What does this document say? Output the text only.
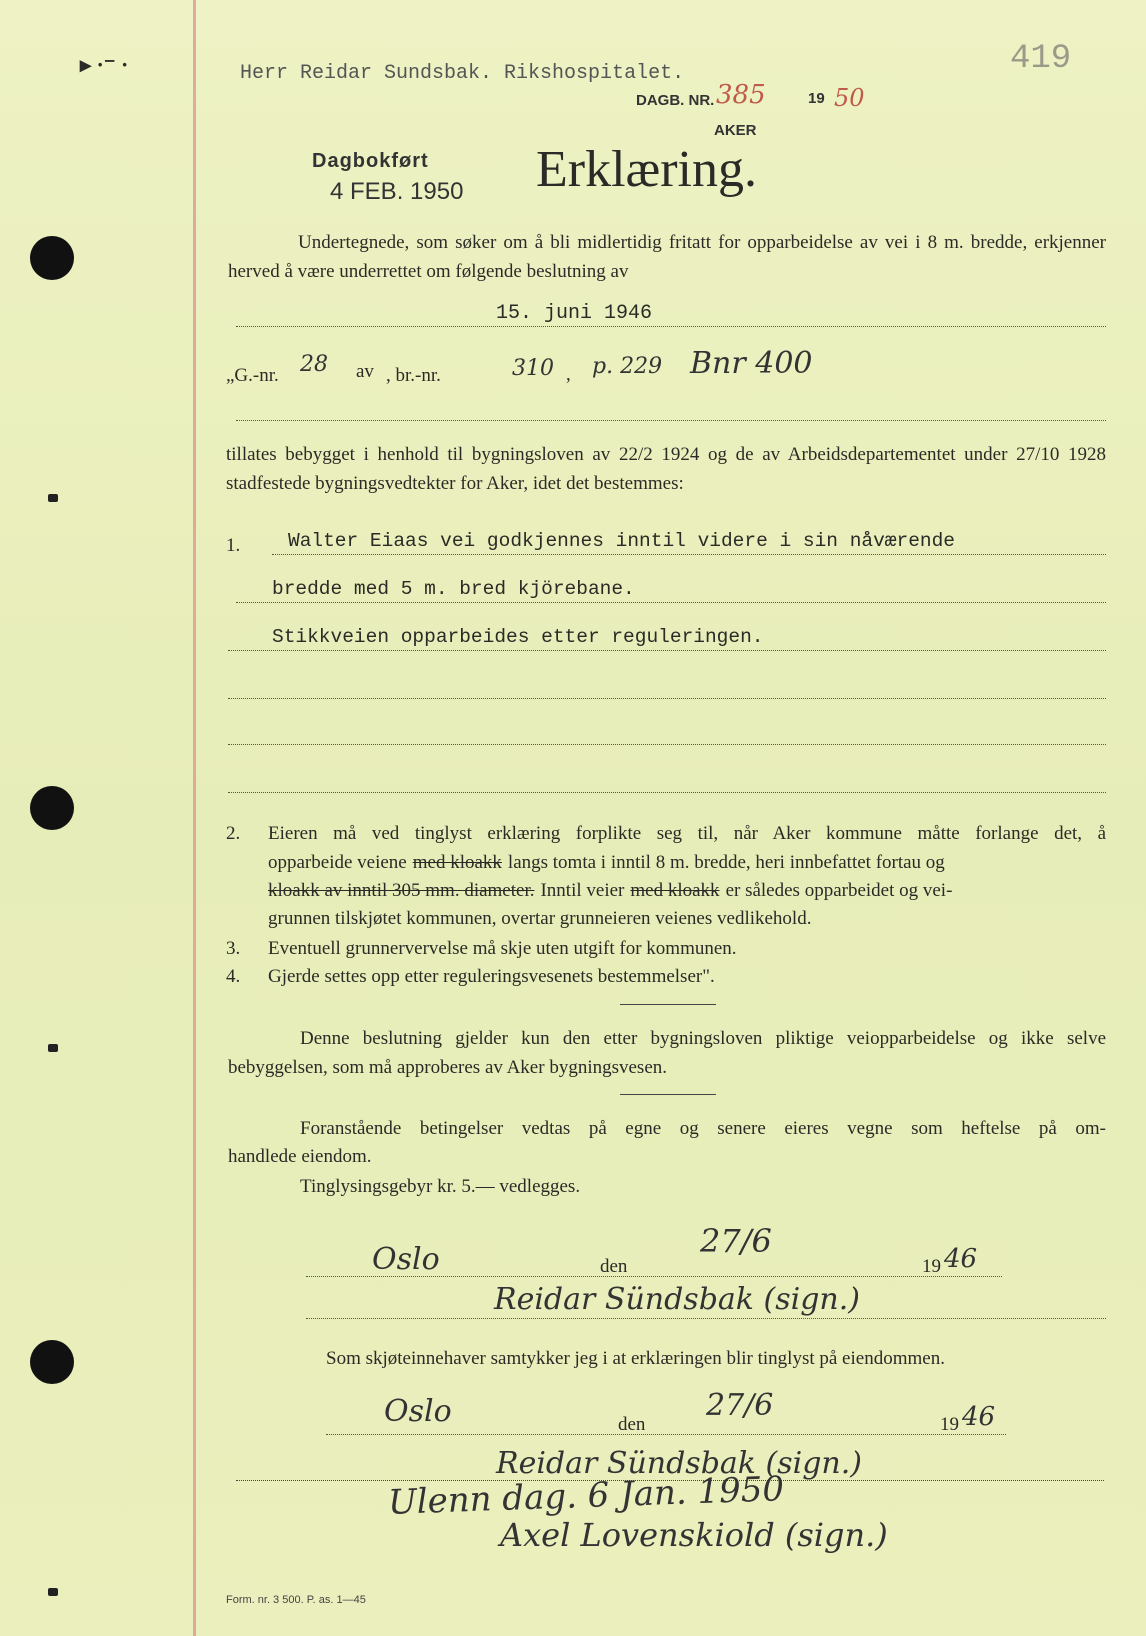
▸ ·⁻ ·	Herr Reidar Sundsbak. Rikshospitalet.
DAGB. NR. 385	19 50
AKER
419
Dagbokført
4 FEB. 1950 Erklæring.
Undertegnede, som søker om å bli midlertidig fritatt for opparbeidelse av vei i 8 m. bredde, erkjenner herved å være underrettet om følgende beslutning av
15. juni 1946
„G.-nr. 28 av , br.-nr.	310 , p. 229 Bnr 400
tillates bebygget i henhold til bygningsloven av 22/2 1924 og de av Arbeidsdepartementet under 27/10 1928 stadfestede bygningsvedtekter for Aker, idet det bestemmes:
1. Walter Eiaas vei godkjennes inntil videre i sin nåværende
bredde med 5 m. bred kjörebane.
Stikkveien opparbeides etter reguleringen.
2. Eieren må ved tinglyst erklæring forplikte seg til, når Aker kommune måtte forlange det, å
opparbeide veiene med kloakk langs tomta i inntil 8 m. bredde, heri innbefattet fortau og
kloakk av inntil 305 mm. diameter. Inntil veier med kloakk er således opparbeidet og vei-
grunnen tilskjøtet kommunen, overtar grunneieren veienes vedlikehold.
3. Eventuell grunnervervelse må skje uten utgift for kommunen.
4. Gjerde settes opp etter reguleringsvesenets bestemmelser".
Denne beslutning gjelder kun den etter bygningsloven pliktige veiopparbeidelse og ikke selve bebyggelsen, som må approberes av Aker bygningsvesen.
Foranstående betingelser vedtas på egne og senere eieres vegne som heftelse på om-
handlede eiendom.
Tinglysingsgebyr kr. 5.— vedlegges.
Oslo	den
27/6
19 46
Reidar Sündsbak (sign.)
Som skjøteinnehaver samtykker jeg i at erklæringen blir tinglyst på eiendommen.
Oslo	den
27/6
19 46
Reidar Sündsbak (sign.)
Ulenn dag. 6 Jan. 1950
Axel Lovenskiold (sign.)
Form. nr. 3 500. P. as. 1—45
